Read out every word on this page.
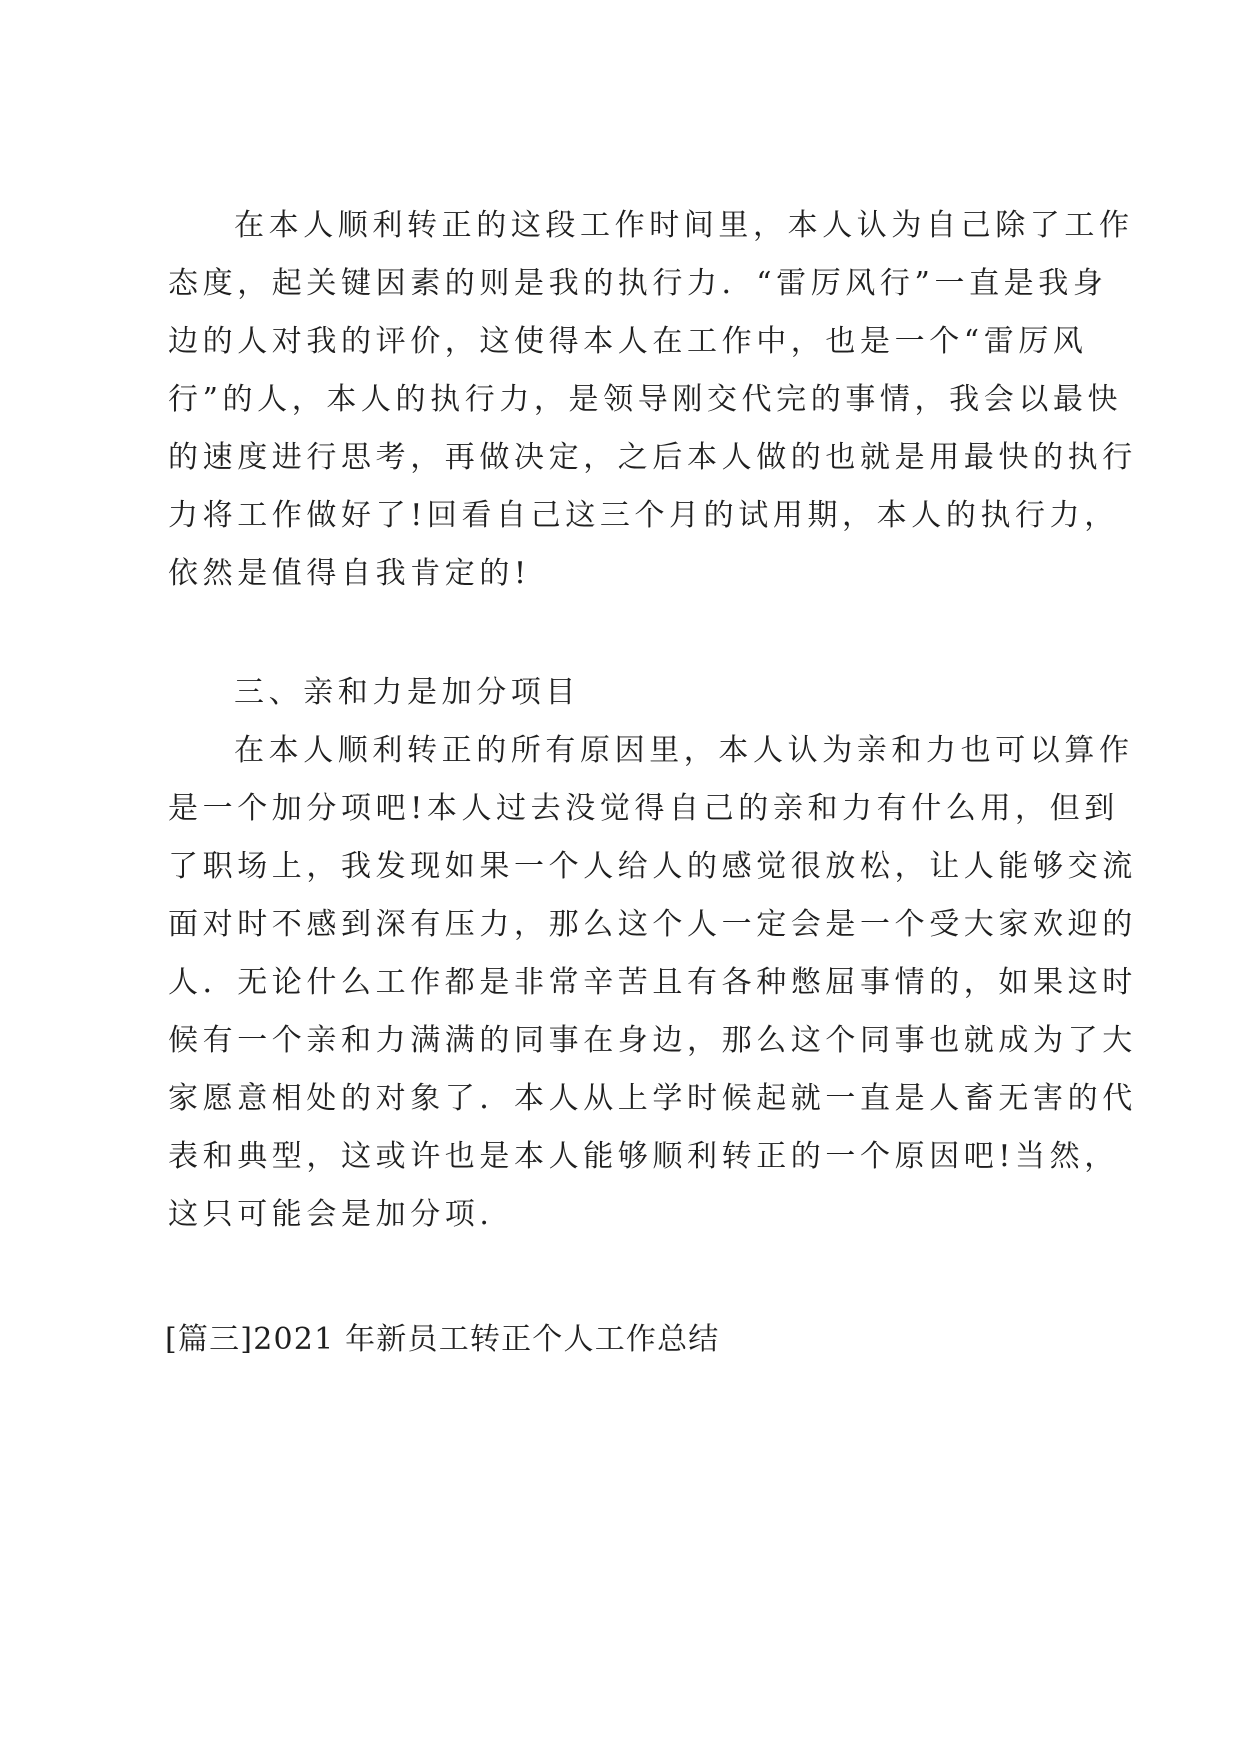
在本人顺利转正的这段工作时间里，本人认为自己除了工作
态度，起关键因素的则是我的执行力．“雷厉风行”一直是我身
边的人对我的评价，这使得本人在工作中，也是一个“雷厉风
行”的人，本人的执行力，是领导刚交代完的事情，我会以最快
的速度进行思考，再做决定，之后本人做的也就是用最快的执行
力将工作做好了!回看自己这三个月的试用期，本人的执行力，
依然是值得自我肯定的!
三、亲和力是加分项目
在本人顺利转正的所有原因里，本人认为亲和力也可以算作
是一个加分项吧!本人过去没觉得自己的亲和力有什么用，但到
了职场上，我发现如果一个人给人的感觉很放松，让人能够交流
面对时不感到深有压力，那么这个人一定会是一个受大家欢迎的
人．无论什么工作都是非常辛苦且有各种憋屈事情的，如果这时
候有一个亲和力满满的同事在身边，那么这个同事也就成为了大
家愿意相处的对象了．本人从上学时候起就一直是人畜无害的代
表和典型，这或许也是本人能够顺利转正的一个原因吧!当然，
这只可能会是加分项.
[篇三]2021 年新员工转正个人工作总结
